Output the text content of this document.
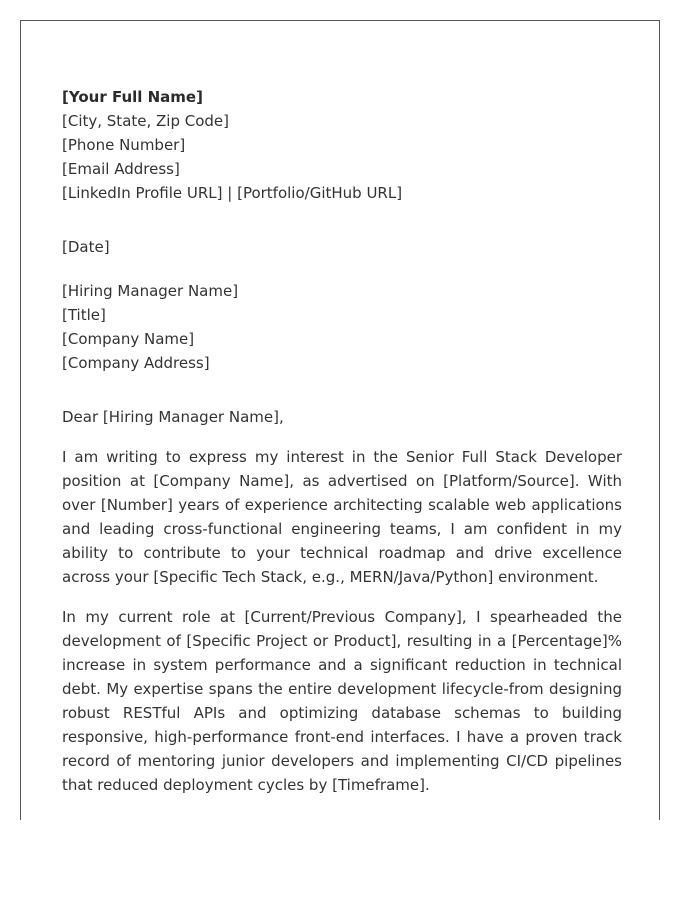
[Your Full Name]
[City, State, Zip Code]
[Phone Number]
[Email Address]
[LinkedIn Profile URL] | [Portfolio/GitHub URL]
[Date]
[Hiring Manager Name]
[Title]
[Company Name]
[Company Address]
Dear [Hiring Manager Name],

I am writing to express my interest in the Senior Full Stack Developer position at [Company Name], as advertised on [Platform/Source]. With over [Number] years of experience architecting scalable web applications and leading cross-functional engineering teams, I am confident in my ability to contribute to your technical roadmap and drive excellence across your [Specific Tech Stack, e.g., MERN/Java/Python] environment.

In my current role at [Current/Previous Company], I spearheaded the development of [Specific Project or Product], resulting in a [Percentage]% increase in system performance and a significant reduction in technical debt. My expertise spans the entire development lifecycle-from designing robust RESTful APIs and optimizing database schemas to building responsive, high-performance front-end interfaces. I have a proven track record of mentoring junior developers and implementing CI/CD pipelines that reduced deployment cycles by [Timeframe].
